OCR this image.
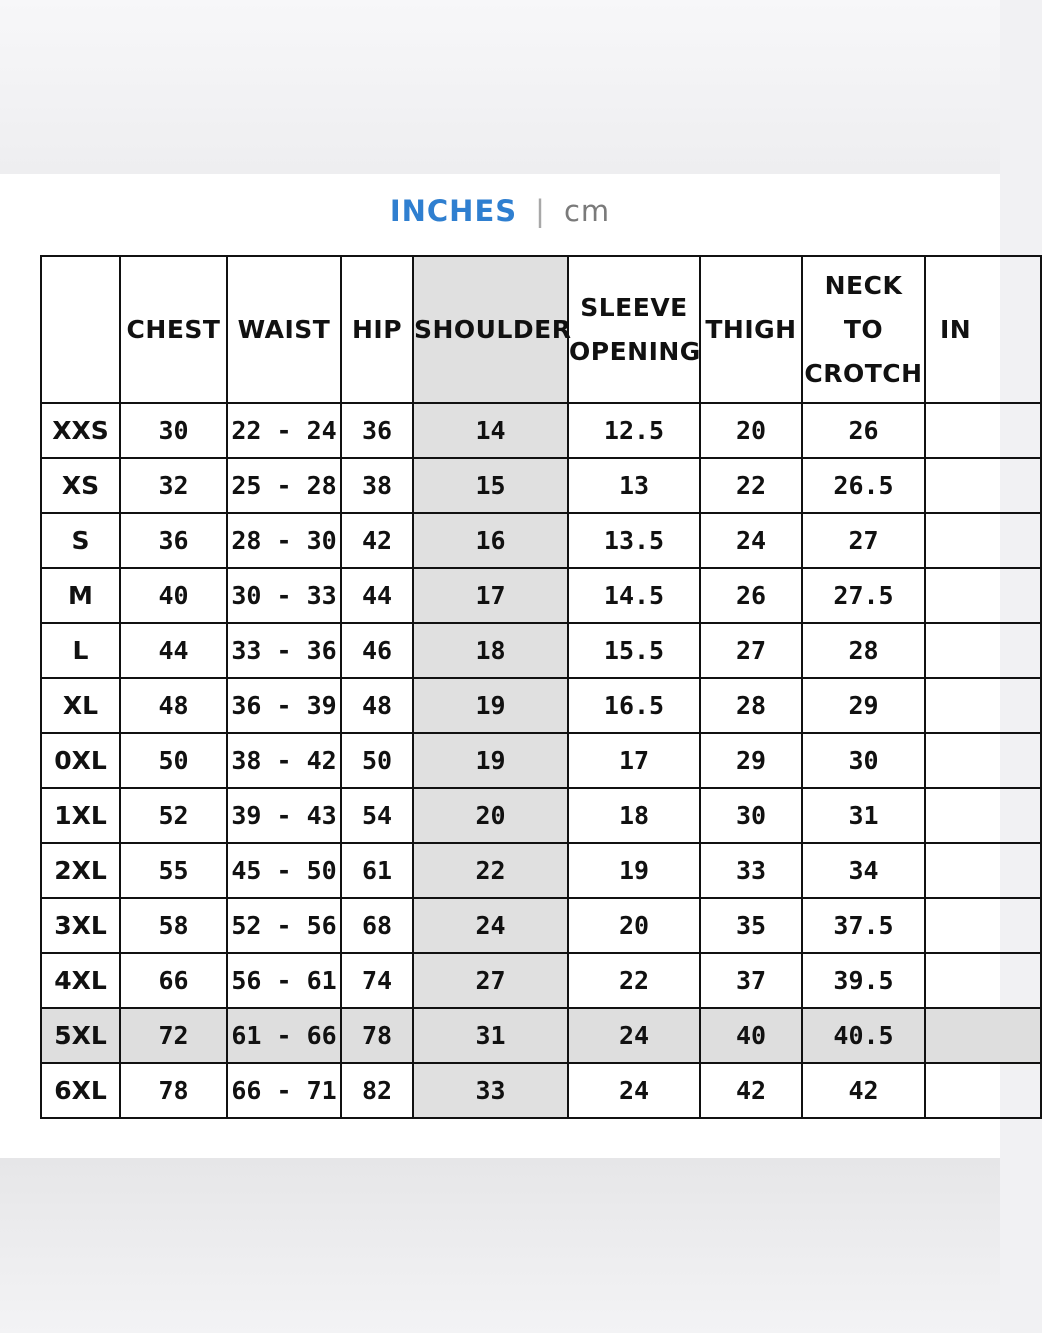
INCHES | cm
	CHEST	WAIST	HIP	SHOULDER	SLEEVE OPENING	THIGH	NECK TO CROTCH	IN
XXS	30	22 - 24	36	14	12.5	20	26	
XS	32	25 - 28	38	15	13	22	26.5	
S	36	28 - 30	42	16	13.5	24	27	
M	40	30 - 33	44	17	14.5	26	27.5	
L	44	33 - 36	46	18	15.5	27	28	
XL	48	36 - 39	48	19	16.5	28	29	
0XL	50	38 - 42	50	19	17	29	30	
1XL	52	39 - 43	54	20	18	30	31	
2XL	55	45 - 50	61	22	19	33	34	
3XL	58	52 - 56	68	24	20	35	37.5	
4XL	66	56 - 61	74	27	22	37	39.5	
5XL	72	61 - 66	78	31	24	40	40.5	
6XL	78	66 - 71	82	33	24	42	42	
